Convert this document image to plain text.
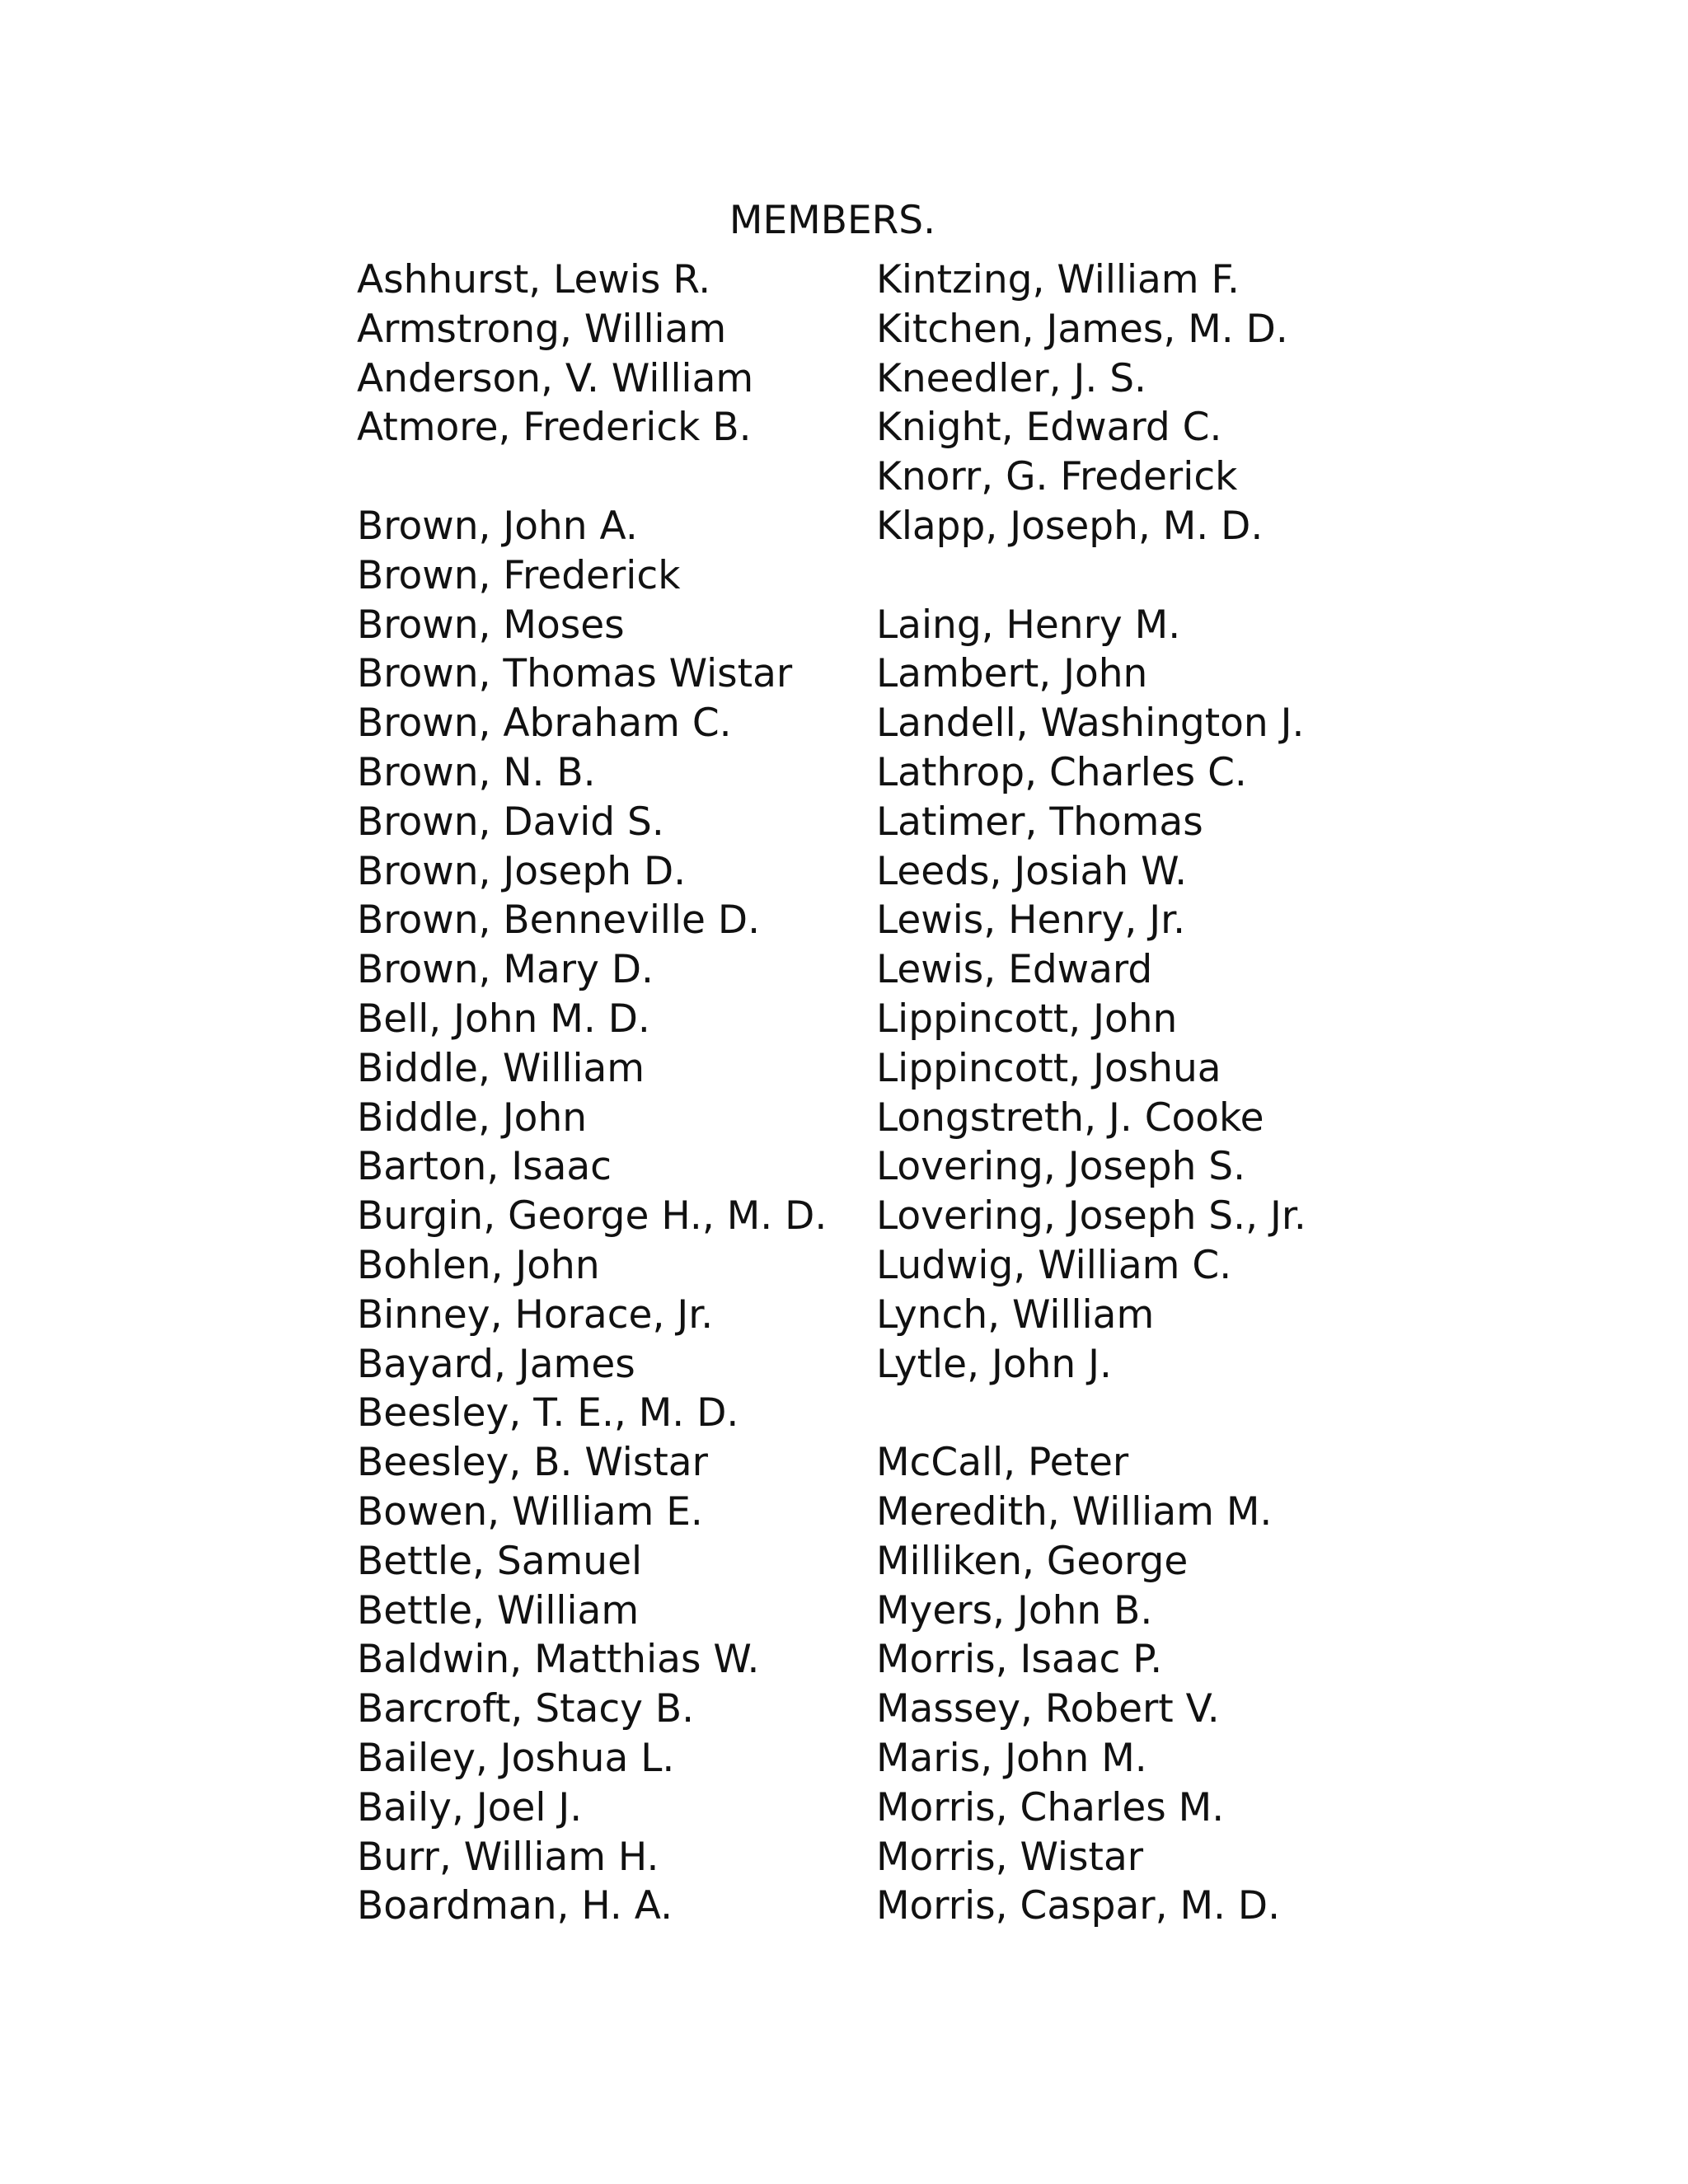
MEMBERS.
Ashhurst, Lewis R.
Armstrong, William
Anderson, V. William
Atmore, Frederick B.
Brown, John A.
Brown, Frederick
Brown, Moses
Brown, Thomas Wistar
Brown, Abraham C.
Brown, N. B.
Brown, David S.
Brown, Joseph D.
Brown, Benneville D.
Brown, Mary D.
Bell, John M. D.
Biddle, William
Biddle, John
Barton, Isaac
Burgin, George H., M. D.
Bohlen, John
Binney, Horace, Jr.
Bayard, James
Beesley, T. E., M. D.
Beesley, B. Wistar
Bowen, William E.
Bettle, Samuel
Bettle, William
Baldwin, Matthias W.
Barcroft, Stacy B.
Bailey, Joshua L.
Baily, Joel J.
Burr, William H.
Boardman, H. A.
Kintzing, William F.
Kitchen, James, M. D.
Kneedler, J. S.
Knight, Edward C.
Knorr, G. Frederick
Klapp, Joseph, M. D.
Laing, Henry M.
Lambert, John
Landell, Washington J.
Lathrop, Charles C.
Latimer, Thomas
Leeds, Josiah W.
Lewis, Henry, Jr.
Lewis, Edward
Lippincott, John
Lippincott, Joshua
Longstreth, J. Cooke
Lovering, Joseph S.
Lovering, Joseph S., Jr.
Ludwig, William C.
Lynch, William
Lytle, John J.
McCall, Peter
Meredith, William M.
Milliken, George
Myers, John B.
Morris, Isaac P.
Massey, Robert V.
Maris, John M.
Morris, Charles M.
Morris, Wistar
Morris, Caspar, M. D.
